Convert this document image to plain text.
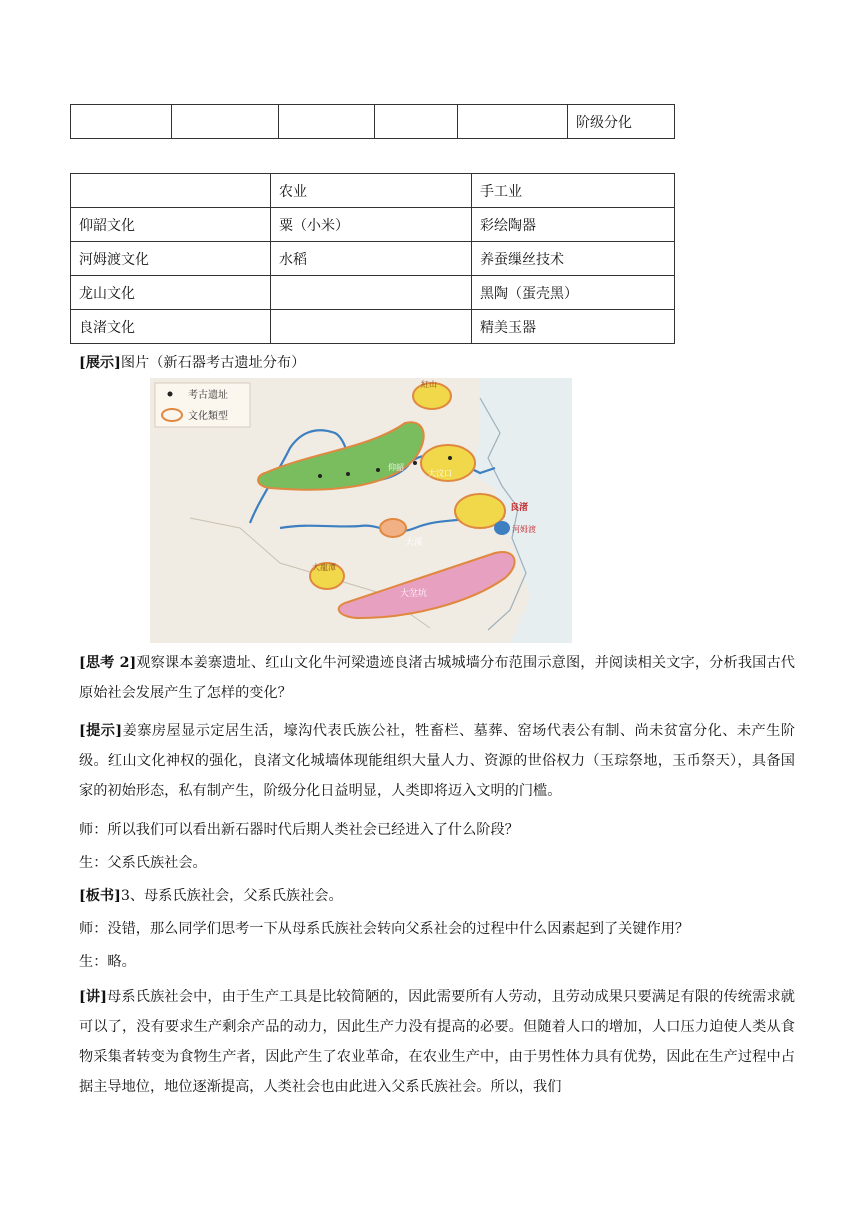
					阶级分化
	农业	手工业
仰韶文化	粟（小米）	彩绘陶器
河姆渡文化	水稻	养蚕缫丝技术
龙山文化		黑陶（蛋壳黑）
良渚文化		精美玉器
[展示]图片（新石器考古遗址分布）
考古遗址
文化類型
紅山
仰韶
大汶口
良渚
河姆渡
大溪
大龍潭
大坌坑
[思考 2]观察课本姜寨遗址、红山文化牛河梁遗迹良渚古城城墙分布范围示意图，并阅读相关文字，分析我国古代原始社会发展产生了怎样的变化？
[提示]姜寨房屋显示定居生活，壕沟代表氏族公社，牲畜栏、墓葬、窑场代表公有制、尚未贫富分化、未产生阶级。红山文化神权的强化，良渚文化城墙体现能组织大量人力、资源的世俗权力（玉琮祭地，玉币祭天），具备国家的初始形态，私有制产生，阶级分化日益明显，人类即将迈入文明的门槛。
师：所以我们可以看出新石器时代后期人类社会已经进入了什么阶段？
生：父系氏族社会。
[板书]3、母系氏族社会，父系氏族社会。
师：没错，那么同学们思考一下从母系氏族社会转向父系社会的过程中什么因素起到了关键作用？
生：略。
[讲]母系氏族社会中，由于生产工具是比较简陋的，因此需要所有人劳动，且劳动成果只要满足有限的传统需求就可以了，没有要求生产剩余产品的动力，因此生产力没有提高的必要。但随着人口的增加，人口压力迫使人类从食物采集者转变为食物生产者，因此产生了农业革命，在农业生产中，由于男性体力具有优势，因此在生产过程中占据主导地位，地位逐渐提高，人类社会也由此进入父系氏族社会。所以，我们
